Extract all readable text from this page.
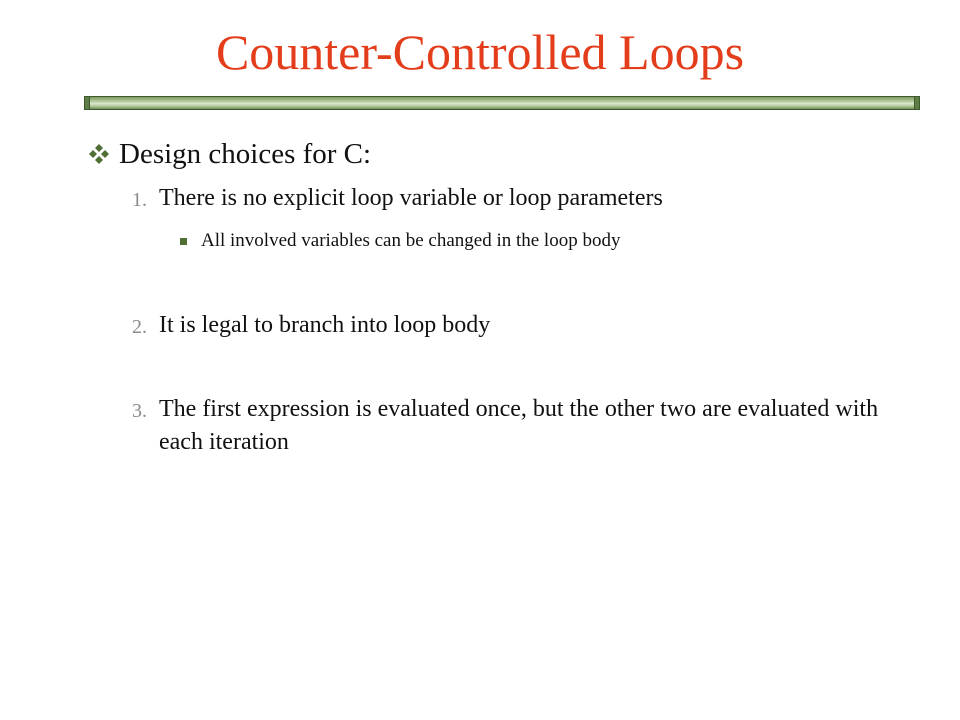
Counter-Controlled Loops
Design choices for C:
1. There is no explicit loop variable or loop parameters
All involved variables can be changed in the loop body
2. It is legal to branch into loop body
3. The first expression is evaluated once, but the other two are evaluated with each iteration
